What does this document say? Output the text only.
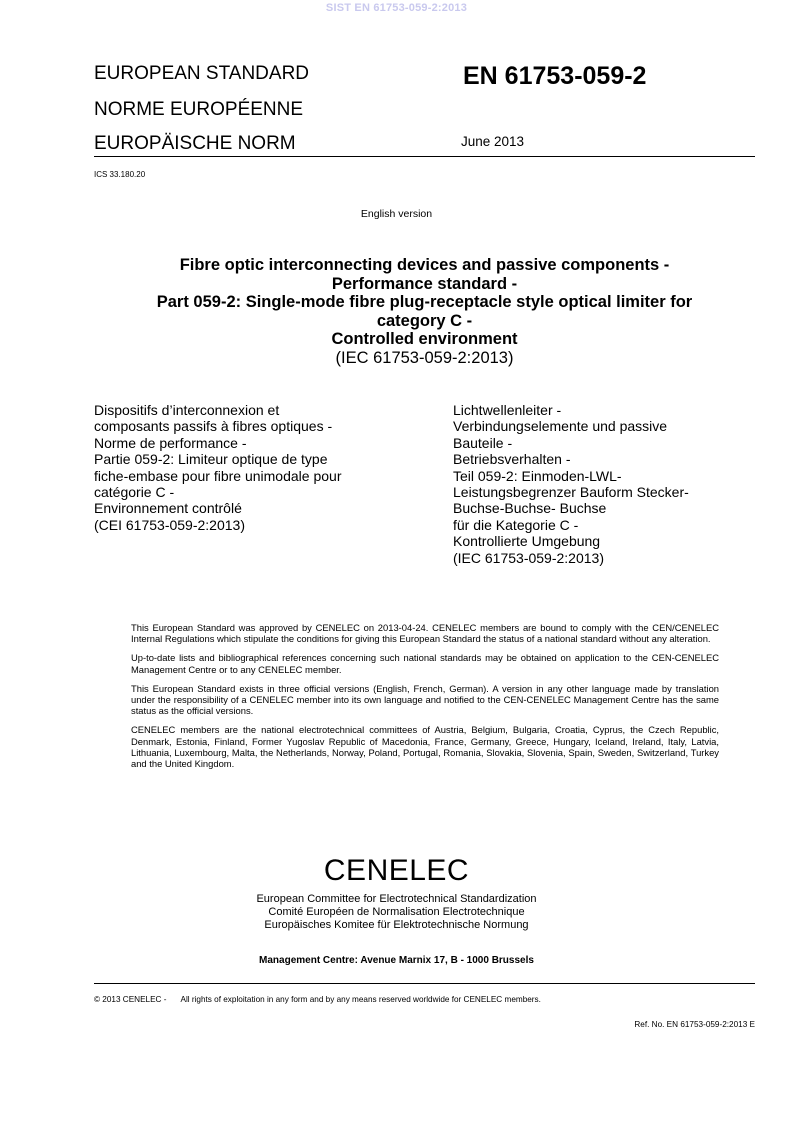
SIST EN 61753-059-2:2013
EUROPEAN STANDARD
NORME EUROPÉENNE
EUROPÄISCHE NORM
EN 61753-059-2
June 2013
ICS 33.180.20
English version
Fibre optic interconnecting devices and passive components -
Performance standard -
Part 059-2: Single-mode fibre plug-receptacle style optical limiter for
category C -
Controlled environment
(IEC 61753-059-2:2013)
Dispositifs d’interconnexion et
composants passifs à fibres optiques -
Norme de performance -
Partie 059-2: Limiteur optique de type
fiche-embase pour fibre unimodale pour
catégorie C -
Environnement contrôlé
(CEI 61753-059-2:2013)
Lichtwellenleiter -
Verbindungselemente und passive
Bauteile -
Betriebsverhalten -
Teil 059-2: Einmoden-LWL-
Leistungsbegrenzer Bauform Stecker-
Buchse-Buchse- Buchse
für die Kategorie C -
Kontrollierte Umgebung
(IEC 61753-059-2:2013)

This European Standard was approved by CENELEC on 2013-04-24. CENELEC members are bound to comply with the CEN/CENELEC Internal Regulations which stipulate the conditions for giving this European Standard the status of a national standard without any alteration.

Up-to-date lists and bibliographical references concerning such national standards may be obtained on application to the CEN-CENELEC Management Centre or to any CENELEC member.

This European Standard exists in three official versions (English, French, German). A version in any other language made by translation under the responsibility of a CENELEC member into its own language and notified to the CEN-CENELEC Management Centre has the same status as the official versions.

CENELEC members are the national electrotechnical committees of Austria, Belgium, Bulgaria, Croatia, Cyprus, the Czech Republic, Denmark, Estonia, Finland, Former Yugoslav Republic of Macedonia, France, Germany, Greece, Hungary, Iceland, Ireland, Italy, Latvia, Lithuania, Luxembourg, Malta, the Netherlands, Norway, Poland, Portugal, Romania, Slovakia, Slovenia, Spain, Sweden, Switzerland, Turkey and the United Kingdom.

CENELEC
European Committee for Electrotechnical Standardization
Comité Européen de Normalisation Electrotechnique
Europäisches Komitee für Elektrotechnische Normung
Management Centre: Avenue Marnix 17, B - 1000 Brussels
© 2013 CENELEC - All rights of exploitation in any form and by any means reserved worldwide for CENELEC members.
Ref. No. EN 61753-059-2:2013 E
